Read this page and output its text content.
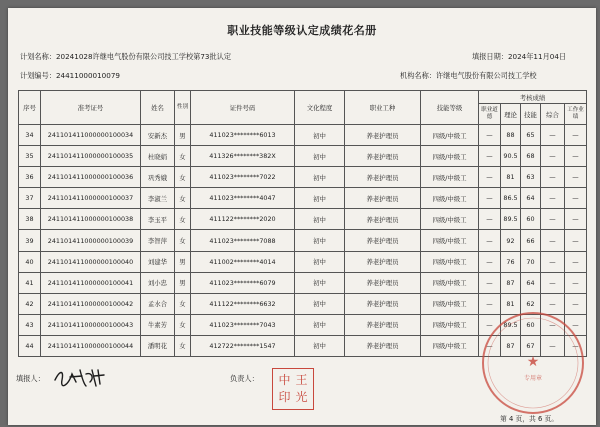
职业技能等级认定成绩花名册
计划名称：20241028许继电气股份有限公司技工学校第73批认定	填报日期：2024年11月04日
计划编号：24411000010079	机构名称：许继电气股份有限公司技工学校
序号	准考证号	姓名	性别	证件号码	文化程度	职业工种	技能等级	考核成绩				
								职业道德	理论	技能	综合	工作业绩
34	241101411000000100034	安新杰	男	411023********6013	初中	养老护理员	四级/中级工	—	88	65	—	—
35	241101411000000100035	杜晓娟	女	411326********382X	初中	养老护理员	四级/中级工	—	90.5	68	—	—
36	241101411000000100036	巩秀娥	女	411023********7022	初中	养老护理员	四级/中级工	—	81	63	—	—
37	241101411000000100037	李淑兰	女	411023********4047	初中	养老护理员	四级/中级工	—	86.5	64	—	—
38	241101411000000100038	李玉平	女	411122********2020	初中	养老护理员	四级/中级工	—	89.5	60	—	—
39	241101411000000100039	李智萍	女	411023********7088	初中	养老护理员	四级/中级工	—	92	66	—	—
40	241101411000000100040	刘建华	男	411002********4014	初中	养老护理员	四级/中级工	—	76	70	—	—
41	241101411000000100041	刘小忠	男	411023********6079	初中	养老护理员	四级/中级工	—	87	64	—	—
42	241101411000000100042	孟水合	女	411122********6632	初中	养老护理员	四级/中级工	—	81	62	—	—
43	241101411000000100043	牛素芳	女	411023********7043	初中	养老护理员	四级/中级工	—	89.5	60	—	—
44	241101411000000100044	潘明花	女	412722********1547	初中	养老护理员	四级/中级工	—	87	67	—	—
填报人：	负责人： 中 王
印 光
★
专用章
第 4 页，共 6 页。
